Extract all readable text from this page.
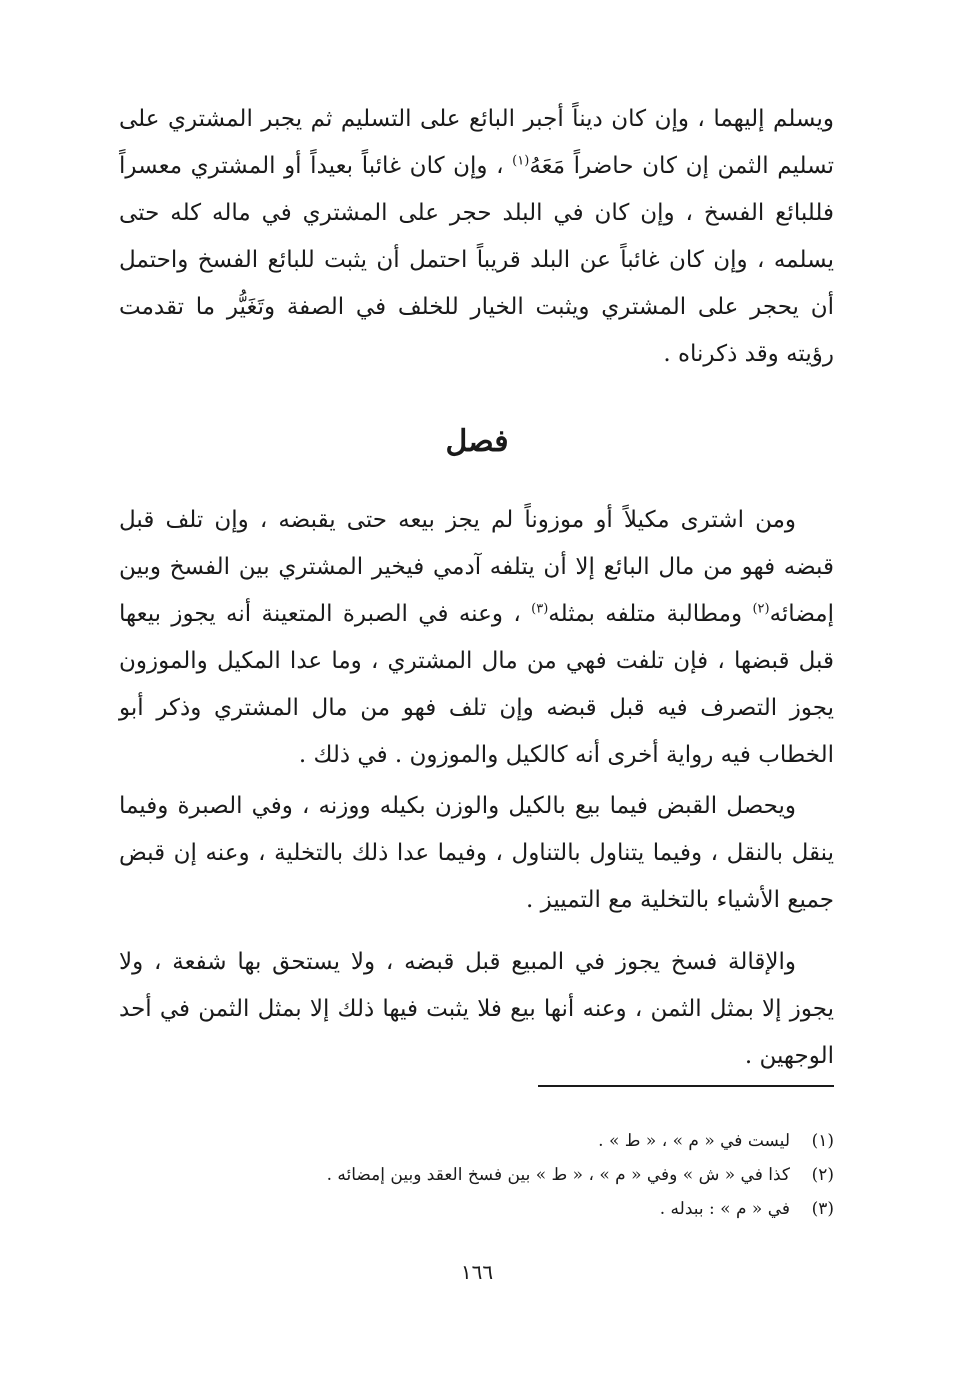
ويسلم إليهما ، وإن كان ديناً أجبر البائع على التسليم ثم يجبر المشتري على تسليم الثمن إن كان حاضراً مَعَهُ$^{(١)}$ ، وإن كان غائباً بعيداً أو المشتري معسراً فللبائع الفسخ ، وإن كان في البلد حجر على المشتري في ماله كله حتى يسلمه ، وإن كان غائباً عن البلد قريباً احتمل أن يثبت للبائع الفسخ واحتمل أن يحجر على المشتري ويثبت الخيار للخلف في الصفة وتَغَيُّر ما تقدمت رؤيته وقد ذكرناه .

فصل

ومن اشترى مكيلاً أو موزوناً لم يجز بيعه حتى يقبضه ، وإن تلف قبل قبضه فهو من مال البائع إلا أن يتلفه آدمي فيخير المشتري بين الفسخ وبين إمضائه$^{(٢)}$ ومطالبة متلفه بمثله$^{(٣)}$ ، وعنه في الصبرة المتعينة أنه يجوز بيعها قبل قبضها ، فإن تلفت فهي من مال المشتري ، وما عدا المكيل والموزون يجوز التصرف فيه قبل قبضه وإن تلف فهو من مال المشتري وذكر أبو الخطاب فيه رواية أخرى أنه كالكيل والموزون . في ذلك .

ويحصل القبض فيما بيع بالكيل والوزن بكيله ووزنه ، وفي الصبرة وفيما ينقل بالنقل ، وفيما يتناول بالتناول ، وفيما عدا ذلك بالتخلية ، وعنه إن قبض جميع الأشياء بالتخلية مع التمييز .

والإقالة فسخ يجوز في المبيع قبل قبضه ، ولا يستحق بها شفعة ، ولا يجوز إلا بمثل الثمن ، وعنه أنها بيع فلا يثبت فيها ذلك إلا بمثل الثمن في أحد الوجهين .

(١)ليست في « م » ، « ط » .
(٢)كذا في « ش » وفي « م » ، « ط » بين فسخ العقد وبين إمضائه .
(٣)في « م » : ببدله .
١٦٦
